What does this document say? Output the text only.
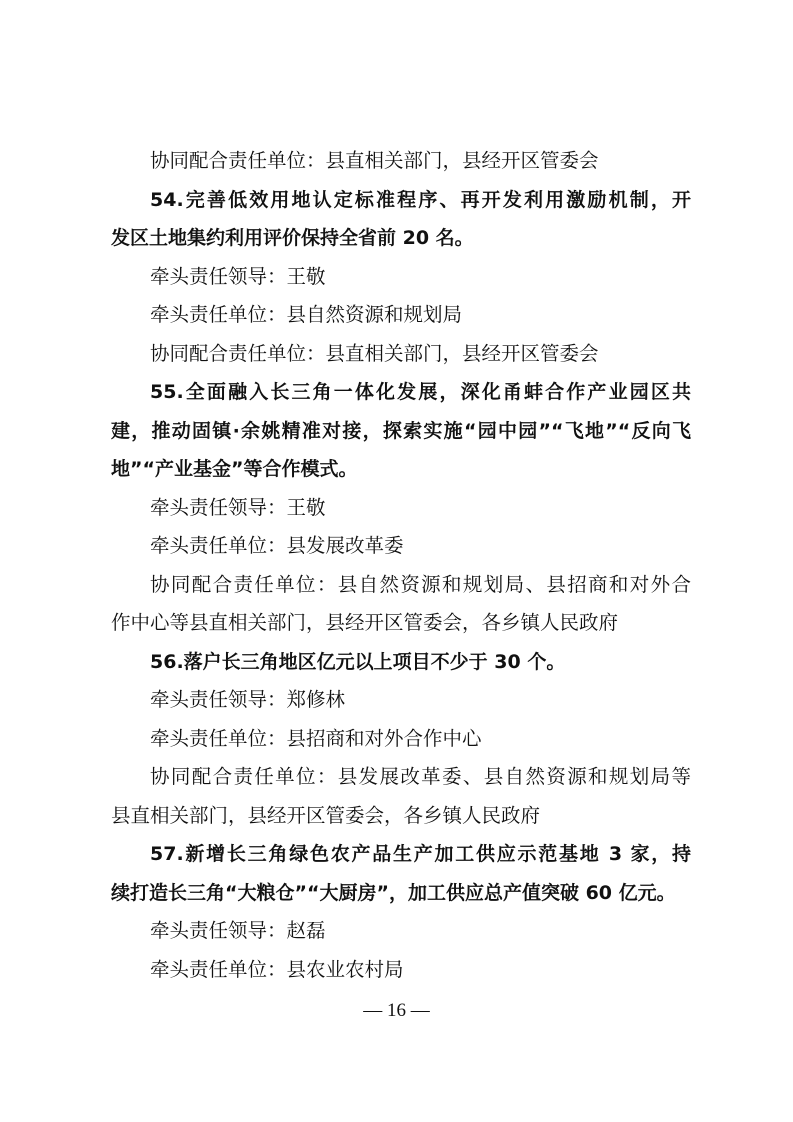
协同配合责任单位：县直相关部门，县经开区管委会
54.完善低效用地认定标准程序、再开发利用激励机制，开
发区土地集约利用评价保持全省前 20 名。
牵头责任领导：王敬
牵头责任单位：县自然资源和规划局
协同配合责任单位：县直相关部门，县经开区管委会
55.全面融入长三角一体化发展，深化甬蚌合作产业园区共
建，推动固镇·余姚精准对接，探索实施“园中园”“飞地”“反向飞
地”“产业基金”等合作模式。
牵头责任领导：王敬
牵头责任单位：县发展改革委
协同配合责任单位：县自然资源和规划局、县招商和对外合
作中心等县直相关部门，县经开区管委会，各乡镇人民政府
56.落户长三角地区亿元以上项目不少于 30 个。
牵头责任领导：郑修林
牵头责任单位：县招商和对外合作中心
协同配合责任单位：县发展改革委、县自然资源和规划局等
县直相关部门，县经开区管委会，各乡镇人民政府
57.新增长三角绿色农产品生产加工供应示范基地 3 家，持
续打造长三角“大粮仓”“大厨房”，加工供应总产值突破 60 亿元。
牵头责任领导：赵磊
牵头责任单位：县农业农村局
— 16 —
